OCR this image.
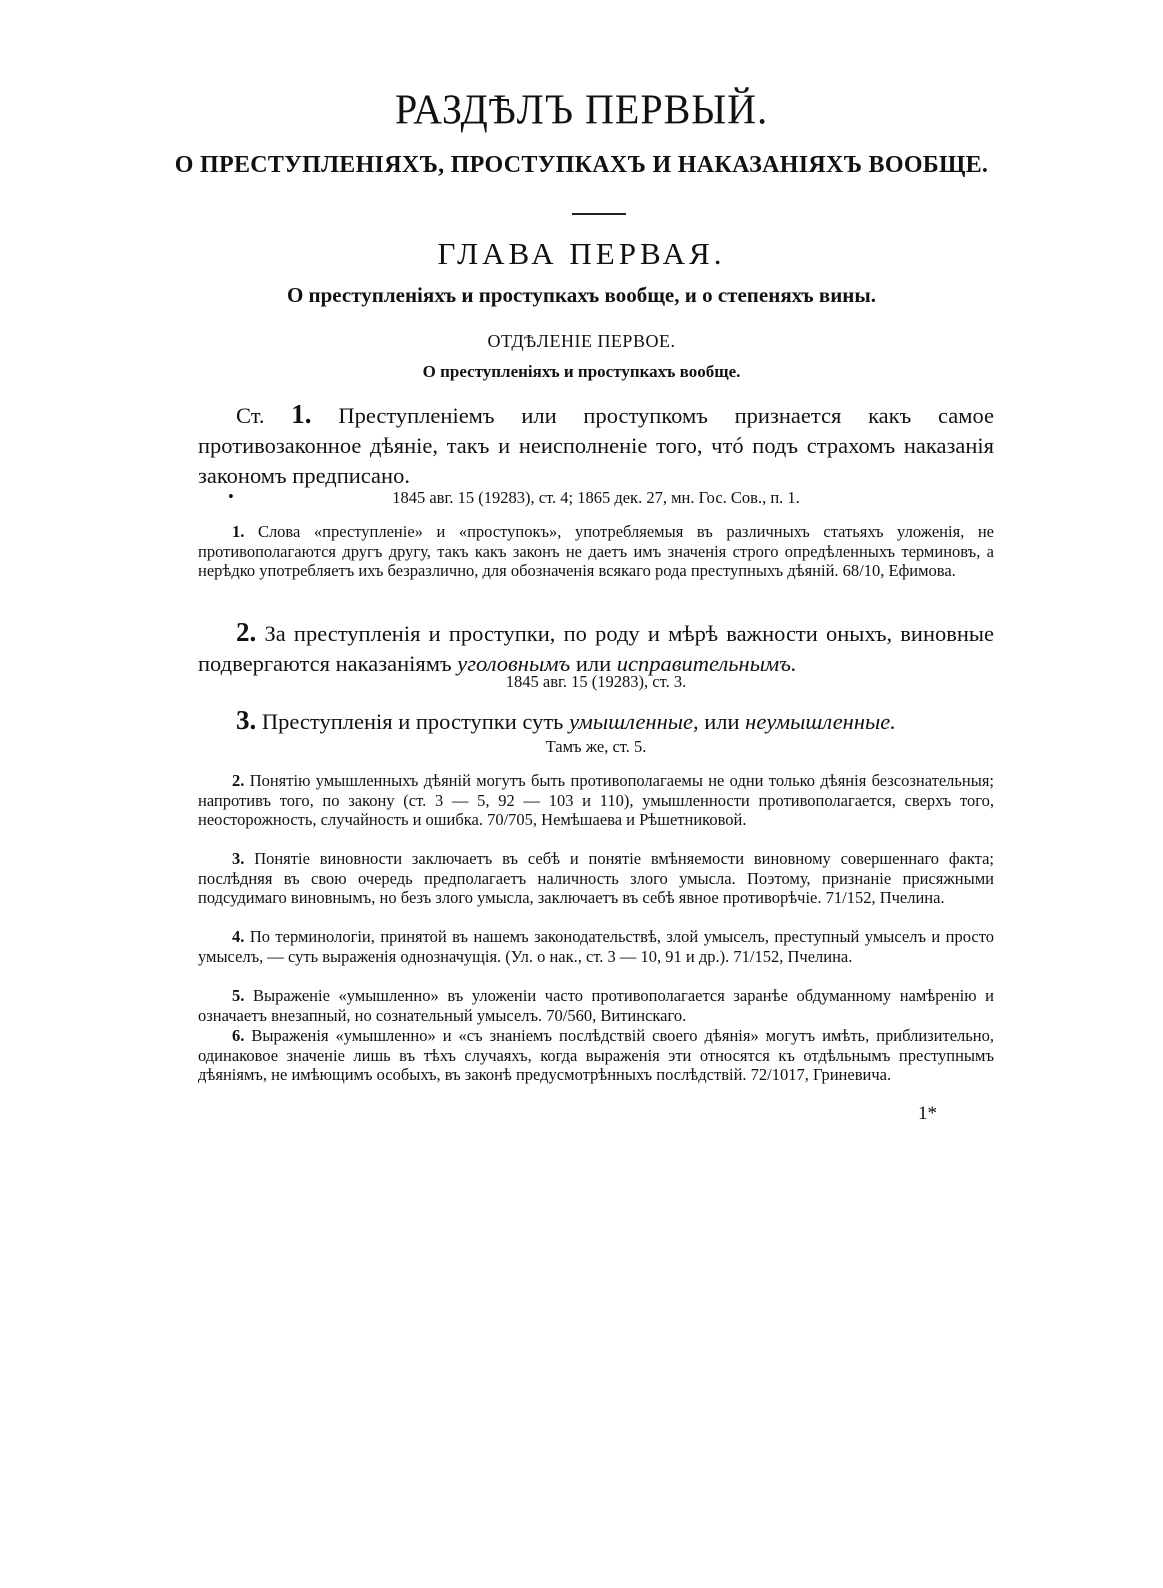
РАЗДѢЛЪ ПЕРВЫЙ.
О ПРЕСТУПЛЕНІЯХЪ, ПРОСТУПКАХЪ И НАКАЗАНІЯХЪ ВООБЩЕ.
ГЛАВА ПЕРВАЯ.
О преступленіяхъ и проступкахъ вообще, и о степеняхъ вины.
ОТДѢЛЕНІЕ ПЕРВОЕ.
О преступленіяхъ и проступкахъ вообще.
Ст. 1. Преступленіемъ или проступкомъ признается какъ самое противозаконное дѣяніе, такъ и неисполненіе того, чтó подъ страхомъ наказанія закономъ предписано.
•	1845 авг. 15 (19283), ст. 4; 1865 дек. 27, мн. Гос. Сов., п. 1.
1. Слова «преступленіе» и «проступокъ», употребляемыя въ различныхъ статьяхъ уложенія, не противополагаются другъ другу, такъ какъ законъ не даетъ имъ значенія строго опредѣленныхъ терминовъ, а нерѣдко употребляетъ ихъ безразлично, для обозначенія всякаго рода преступныхъ дѣяній. 68/10, Ефимова.
2. За преступленія и проступки, по роду и мѣрѣ важности оныхъ, виновные подвергаются наказаніямъ уголовнымъ или исправительнымъ.
1845 авг. 15 (19283), ст. 3.
3. Преступленія и проступки суть умышленные, или неумышленные.
Тамъ же, ст. 5.
2. Понятію умышленныхъ дѣяній могутъ быть противополагаемы не одни только дѣянія безсознательныя; напротивъ того, по закону (ст. 3 — 5, 92 — 103 и 110), умышленности противополагается, сверхъ того, неосторожность, случайность и ошибка. 70/705, Немѣшаева и Рѣшетниковой.
3. Понятіе виновности заключаетъ въ себѣ и понятіе вмѣняемости виновному совершеннаго факта; послѣдняя въ свою очередь предполагаетъ наличность злого умысла. Поэтому, признаніе присяжными подсудимаго виновнымъ, но безъ злого умысла, заключаетъ въ себѣ явное противорѣчіе. 71/152, Пчелина.
4. По терминологіи, принятой въ нашемъ законодательствѣ, злой умыселъ, преступный умыселъ и просто умыселъ, — суть выраженія однозначущія. (Ул. о нак., ст. 3 — 10, 91 и др.). 71/152, Пчелина.
5. Выраженіе «умышленно» въ уложеніи часто противополагается заранѣе обдуманному намѣренію и означаетъ внезапный, но сознательный умыселъ. 70/560, Витинскаго.
6. Выраженія «умышленно» и «съ знаніемъ послѣдствій своего дѣянія» могутъ имѣть, приблизительно, одинаковое значеніе лишь въ тѣхъ случаяхъ, когда выраженія эти относятся къ отдѣльнымъ преступнымъ дѣяніямъ, не имѣющимъ особыхъ, въ законѣ предусмотрѣнныхъ послѣдствій. 72/1017, Гриневича.
1*
